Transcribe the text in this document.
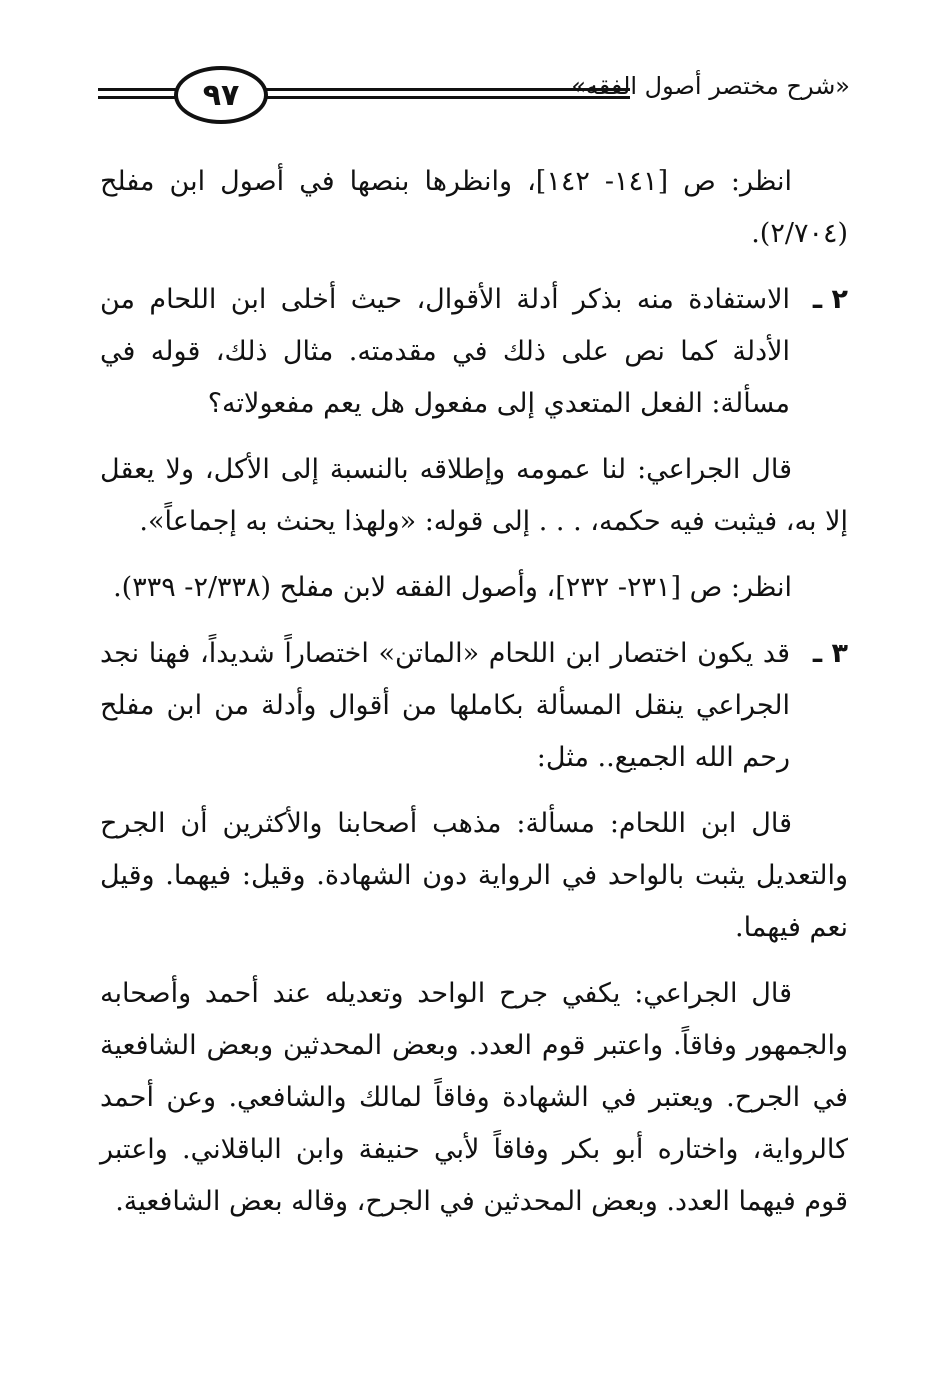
٩٧	«شرح مختصر أصول الفقه»

انظر: ص [١٤١- ١٤٢]، وانظرها بنصها في أصول ابن مفلح (٢/٧٠٤).

٢ ـ
الاستفادة منه بذكر أدلة الأقوال، حيث أخلى ابن اللحام من الأدلة كما نص على ذلك في مقدمته. مثال ذلك، قوله في مسألة: الفعل المتعدي إلى مفعول هل يعم مفعولاته؟

قال الجراعي: لنا عمومه وإطلاقه بالنسبة إلى الأكل، ولا يعقل إلا به، فيثبت فيه حكمه، . . . إلى قوله: «ولهذا يحنث به إجماعاً».

انظر: ص [٢٣١- ٢٣٢]، وأصول الفقه لابن مفلح (٢/٣٣٨- ٣٣٩).

٣ ـ
قد يكون اختصار ابن اللحام «الماتن» اختصاراً شديداً، فهنا نجد الجراعي ينقل المسألة بكاملها من أقوال وأدلة من ابن مفلح رحم الله الجميع.. مثل:

قال ابن اللحام: مسألة: مذهب أصحابنا والأكثرين أن الجرح والتعديل يثبت بالواحد في الرواية دون الشهادة. وقيل: فيهما. وقيل نعم فيهما.

قال الجراعي: يكفي جرح الواحد وتعديله عند أحمد وأصحابه والجمهور وفاقاً. واعتبر قوم العدد. وبعض المحدثين وبعض الشافعية في الجرح. ويعتبر في الشهادة وفاقاً لمالك والشافعي. وعن أحمد كالرواية، واختاره أبو بكر وفاقاً لأبي حنيفة وابن الباقلاني. واعتبر قوم فيهما العدد. وبعض المحدثين في الجرح، وقاله بعض الشافعية.
